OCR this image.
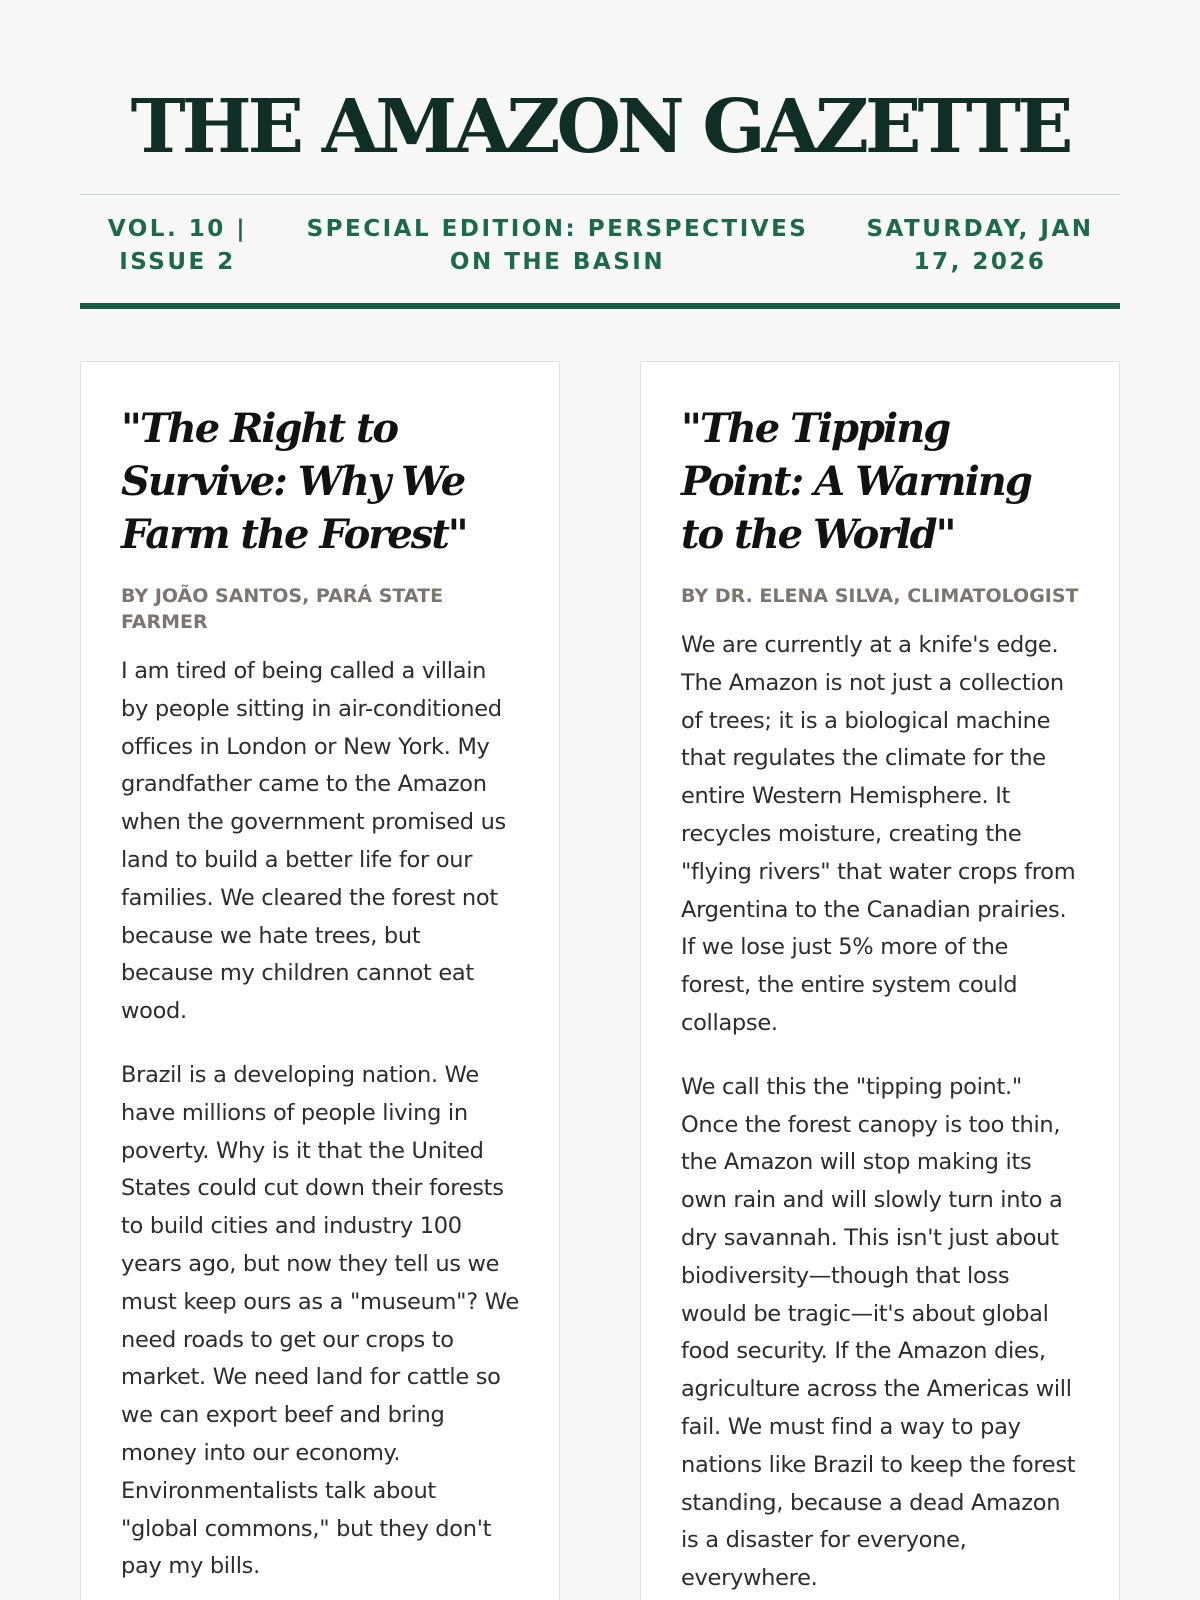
THE AMAZON GAZETTE
VOL. 10 | ISSUE 2
SPECIAL EDITION: PERSPECTIVES ON THE BASIN
SATURDAY, JAN 17, 2026
"The Right to Survive: Why We Farm the Forest"
BY JOÃO SANTOS, PARÁ STATE FARMER

I am tired of being called a villain by people sitting in air-conditioned offices in London or New York. My grandfather came to the Amazon when the government promised us land to build a better life for our families. We cleared the forest not because we hate trees, but because my children cannot eat wood.

Brazil is a developing nation. We have millions of people living in poverty. Why is it that the United States could cut down their forests to build cities and industry 100 years ago, but now they tell us we must keep ours as a "museum"? We need roads to get our crops to market. We need land for cattle so we can export beef and bring money into our economy. Environmentalists talk about "global commons," but they don't pay my bills.

"The Tipping Point: A Warning to the World"
BY DR. ELENA SILVA, CLIMATOLOGIST

We are currently at a knife's edge. The Amazon is not just a collection of trees; it is a biological machine that regulates the climate for the entire Western Hemisphere. It recycles moisture, creating the "flying rivers" that water crops from Argentina to the Canadian prairies. If we lose just 5% more of the forest, the entire system could collapse.

We call this the "tipping point." Once the forest canopy is too thin, the Amazon will stop making its own rain and will slowly turn into a dry savannah. This isn't just about biodiversity—though that loss would be tragic—it's about global food security. If the Amazon dies, agriculture across the Americas will fail. We must find a way to pay nations like Brazil to keep the forest standing, because a dead Amazon is a disaster for everyone, everywhere.
